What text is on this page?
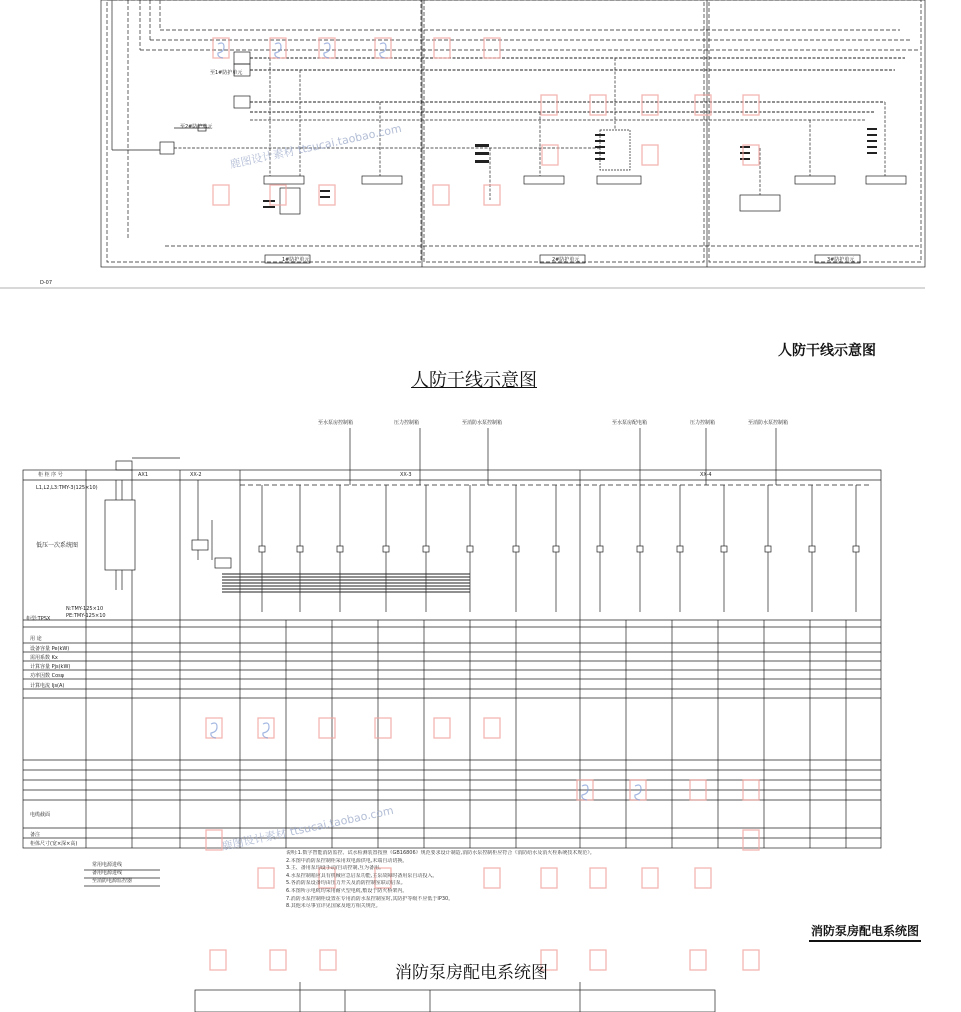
1#防护单元	2#防护单元	3#防护单元
D-07
至1#防护单元
至2#防护单元
柜 柜 序 号	AX1	XX-2	XX-3	XX-4
L1,L2,L3:TMY-3(125×10)
低压一次系统图
N:TMY-125×10
PE:TMY-125×10
柜型:TPSX
用 途
设备容量 Pe(kW)
需用系数 Kx
计算容量 Pjs(kW)
功率因数 Cosφ
计算电流 Ijs(A)
电缆截面
备注
柜体尺寸(宽×深×高)
至水泵房控制箱	压力控制箱	至消防水泵控制箱	至水泵房配电箱	压力控制箱	至消防水泵控制箱
常用电源进线
备用电源进线
至消防电源监控器
人防干线示意图
人防干线示意图
消防泵房配电系统图
消防泵房配电系统图
鹿图设计素材 ttsucai.taobao.com
鹿图设计素材 ttsucai.taobao.com
说明:1.数字智能消防监控、试水检测装置按照《GB16806》规范要求设计制造,消防水泵控制柜应符合《消防给水及消火栓系统技术规范》。
2.本图中消防泵控制柜采用双电源供电,末端自动切换。
3.主、备用泵均设手动/自动控制,互为备用。
4.水泵控制箱应具有机械应急启泵功能,主泵故障时备用泵自动投入。
5.各消防泵设备均由压力开关及消防控制室联动启泵。
6.本图所示电缆均采用耐火型电缆,敷设于防火桥架内。
7.消防水泵控制柜设置在专用消防水泵控制室时,其防护等级不应低于IP30。
8.其他未尽事宜详见国家及地方相关规范。
